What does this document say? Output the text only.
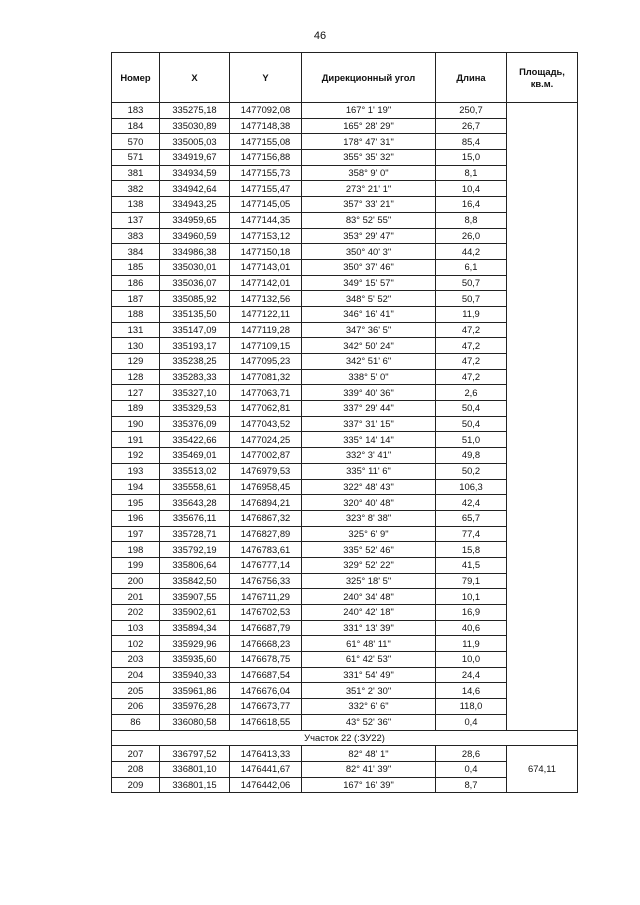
46
Номер	X	Y	Дирекционный угол	Длина	Площадь, кв.м.
183	335275,18	1477092,08	167° 1' 19"	250,7	
184	335030,89	1477148,38	165° 28' 29"	26,7	
570	335005,03	1477155,08	178° 47' 31"	85,4	
571	334919,67	1477156,88	355° 35' 32"	15,0	
381	334934,59	1477155,73	358° 9' 0"	8,1	
382	334942,64	1477155,47	273° 21' 1"	10,4	
138	334943,25	1477145,05	357° 33' 21"	16,4	
137	334959,65	1477144,35	83° 52' 55"	8,8	
383	334960,59	1477153,12	353° 29' 47"	26,0	
384	334986,38	1477150,18	350° 40' 3"	44,2	
185	335030,01	1477143,01	350° 37' 46"	6,1	
186	335036,07	1477142,01	349° 15' 57"	50,7	
187	335085,92	1477132,56	348° 5' 52"	50,7	
188	335135,50	1477122,11	346° 16' 41"	11,9	
131	335147,09	1477119,28	347° 36' 5"	47,2	
130	335193,17	1477109,15	342° 50' 24"	47,2	
129	335238,25	1477095,23	342° 51' 6"	47,2	
128	335283,33	1477081,32	338° 5' 0"	47,2	
127	335327,10	1477063,71	339° 40' 36"	2,6	
189	335329,53	1477062,81	337° 29' 44"	50,4	
190	335376,09	1477043,52	337° 31' 15"	50,4	
191	335422,66	1477024,25	335° 14' 14"	51,0	
192	335469,01	1477002,87	332° 3' 41"	49,8	
193	335513,02	1476979,53	335° 11' 6"	50,2	
194	335558,61	1476958,45	322° 48' 43"	106,3	
195	335643,28	1476894,21	320° 40' 48"	42,4	
196	335676,11	1476867,32	323° 8' 38"	65,7	
197	335728,71	1476827,89	325° 6' 9"	77,4	
198	335792,19	1476783,61	335° 52' 46"	15,8	
199	335806,64	1476777,14	329° 52' 22"	41,5	
200	335842,50	1476756,33	325° 18' 5"	79,1	
201	335907,55	1476711,29	240° 34' 48"	10,1	
202	335902,61	1476702,53	240° 42' 18"	16,9	
103	335894,34	1476687,79	331° 13' 39"	40,6	
102	335929,96	1476668,23	61° 48' 11"	11,9	
203	335935,60	1476678,75	61° 42' 53"	10,0	
204	335940,33	1476687,54	331° 54' 49"	24,4	
205	335961,86	1476676,04	351° 2' 30"	14,6	
206	335976,28	1476673,77	332° 6' 6"	118,0	
86	336080,58	1476618,55	43° 52' 36"	0,4	
Участок 22 (:ЗУ22)					
207	336797,52	1476413,33	82° 48' 1"	28,6	674,11
208	336801,10	1476441,67	82° 41' 39"	0,4	
209	336801,15	1476442,06	167° 16' 39"	8,7	
